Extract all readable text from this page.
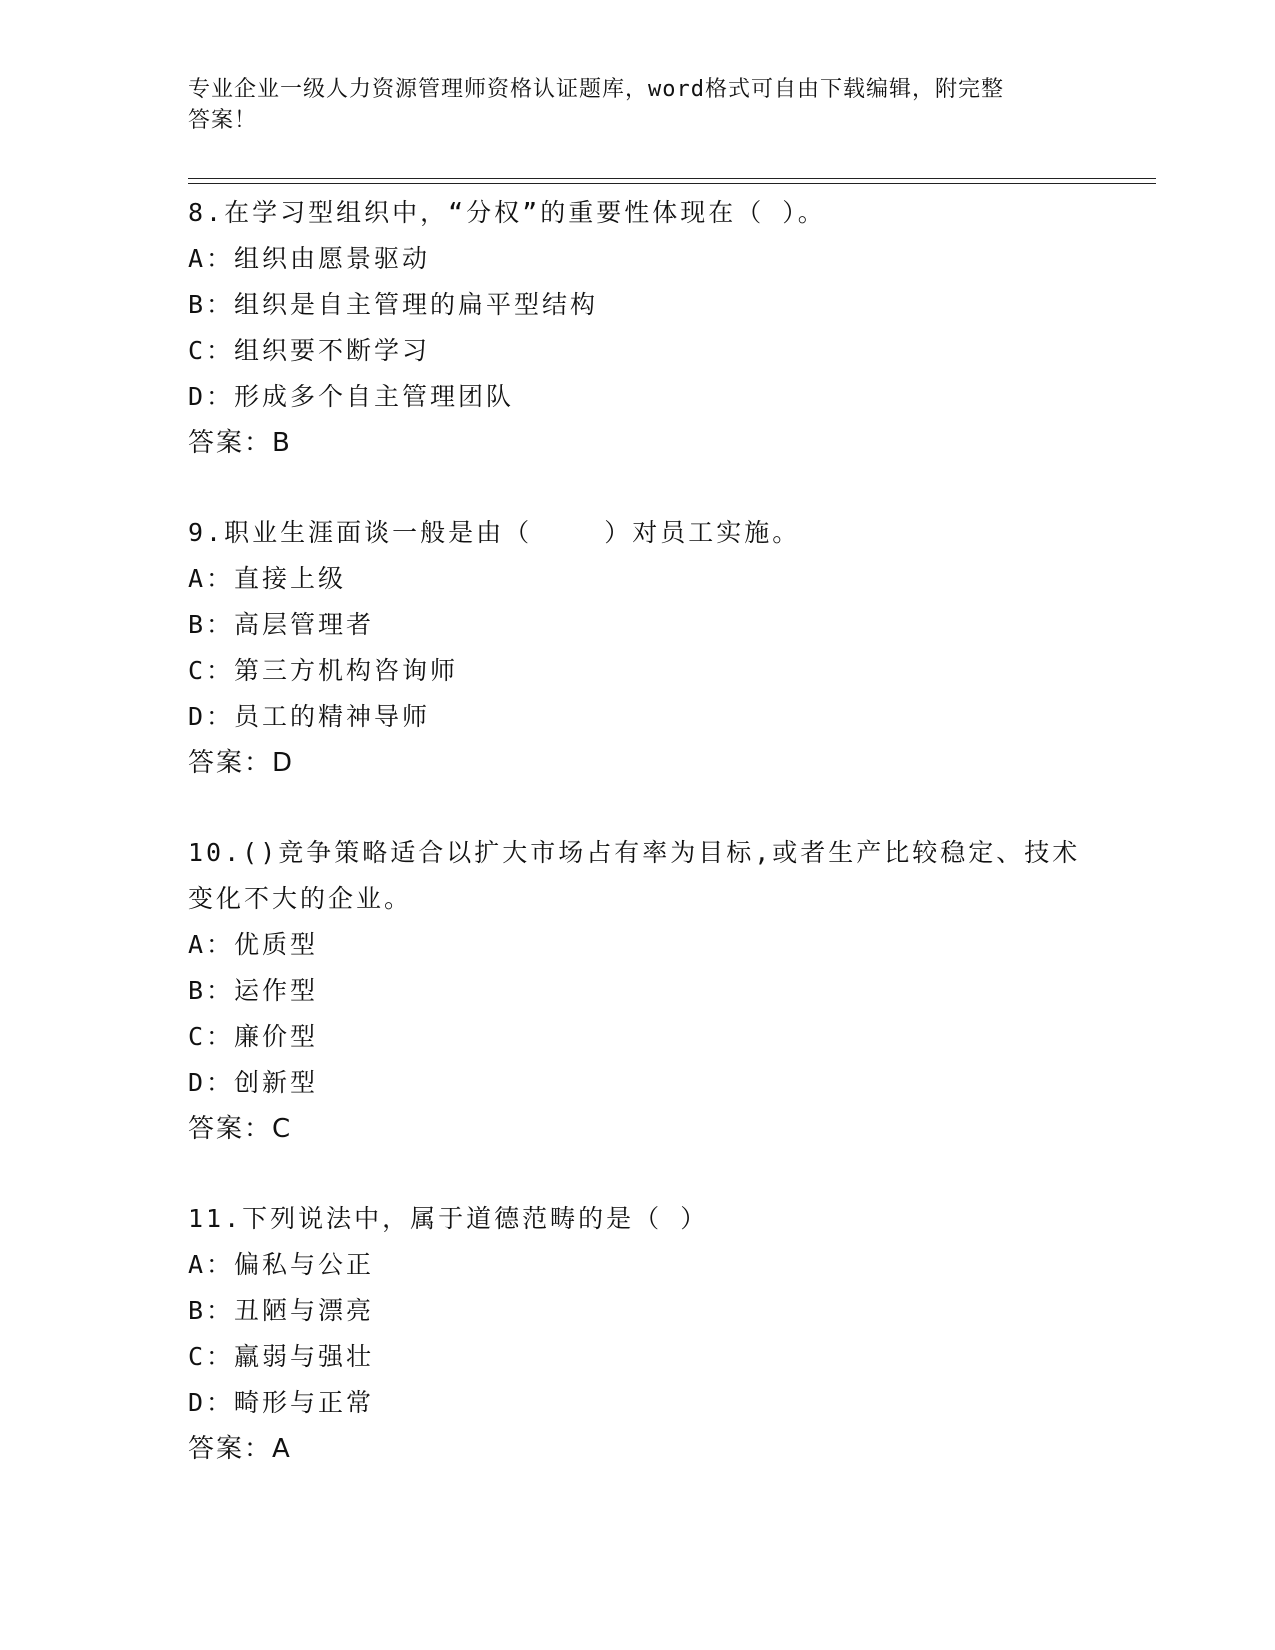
专业企业一级人力资源管理师资格认证题库，word格式可自由下载编辑，附完整
答案！

8.在学习型组织中，“分权”的重要性体现在（ ）。

A：组织由愿景驱动

B：组织是自主管理的扁平型结构

C：组织要不断学习

D：形成多个自主管理团队

答案：B

9.职业生涯面谈一般是由（    ）对员工实施。

A：直接上级

B：高层管理者

C：第三方机构咨询师

D：员工的精神导师

答案：D

10.()竞争策略适合以扩大市场占有率为目标,或者生产比较稳定、技术变化不大的企业。

A：优质型

B：运作型

C：廉价型

D：创新型

答案：C

11.下列说法中，属于道德范畴的是（ ）

A：偏私与公正

B：丑陋与漂亮

C：羸弱与强壮

D：畸形与正常

答案：A
